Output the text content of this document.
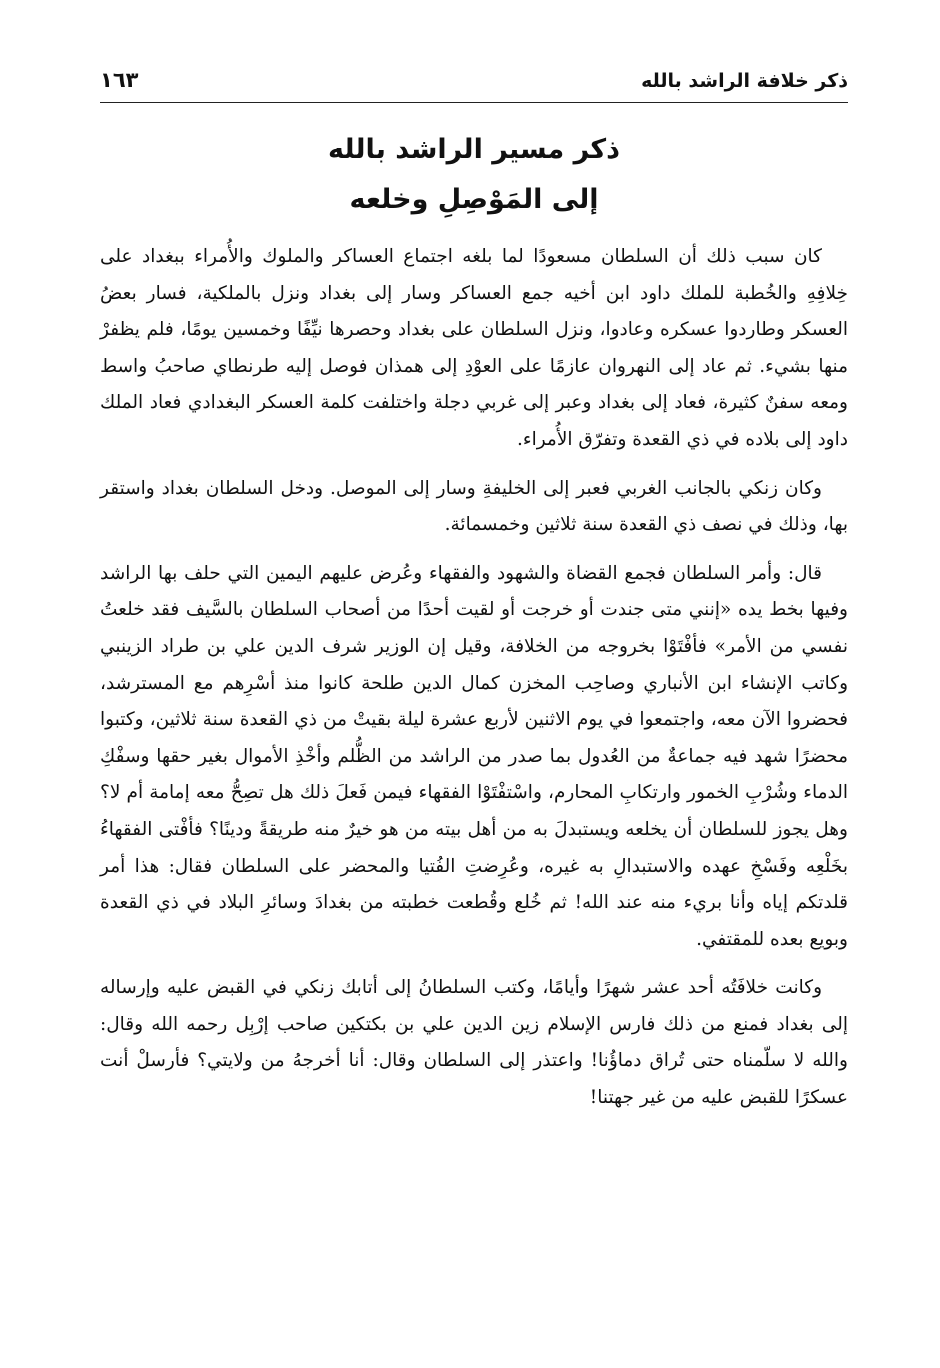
ذكر خلافة الراشد بالله
١٦٣
ذكر مسير الراشد بالله
إلى المَوْصِلِ وخلعه

كان سبب ذلك أن السلطان مسعودًا لما بلغه اجتماع العساكر والملوك والأُمراء ببغداد على خِلافِهِ والخُطبة للملك داود ابن أخيه جمع العساكر وسار إلى بغداد ونزل بالملكية، فسار بعضُ العسكر وطاردوا عسكره وعادوا، ونزل السلطان على بغداد وحصرها نيِّفًا وخمسين يومًا، فلم يظفرْ منها بشيء. ثم عاد إلى النهروان عازمًا على العوْدِ إلى همذان فوصل إليه طرنطاي صاحبُ واسط ومعه سفنٌ كثيرة، فعاد إلى بغداد وعبر إلى غربي دجلة واختلفت كلمة العسكر البغدادي فعاد الملك داود إلى بلاده في ذي القعدة وتفرّق الأُمراء.

وكان زنكي بالجانب الغربي فعبر إلى الخليفةِ وسار إلى الموصل. ودخل السلطان بغداد واستقر بها، وذلك في نصف ذي القعدة سنة ثلاثين وخمسمائة.

قال: وأمر السلطان فجمع القضاة والشهود والفقهاء وعُرض عليهم اليمين التي حلف بها الراشد وفيها بخط يده «إنني متى جندت أو خرجت أو لقيت أحدًا من أصحاب السلطان بالسَّيف فقد خلعتُ نفسي من الأمر» فأفْتَوْا بخروجه من الخلافة، وقيل إن الوزير شرف الدين علي بن طراد الزينبي وكاتب الإنشاء ابن الأنباري وصاحِب المخزن كمال الدين طلحة كانوا منذ أسْرِهم مع المسترشد، فحضروا الآن معه، واجتمعوا في يوم الاثنين لأربع عشرة ليلة بقيتْ من ذي القعدة سنة ثلاثين، وكتبوا محضرًا شهد فيه جماعةٌ من العُدول بما صدر من الراشد من الظُّلم وأخْذِ الأموال بغير حقها وسفْكِ الدماء وشُرْبِ الخمور وارتكابِ المحارم، واسْتفْتَوْا الفقهاء فيمن فَعلَ ذلك هل تصِحُّ معه إمامة أم لا؟ وهل يجوز للسلطان أن يخلعه ويستبدلَ به من أهل بيته من هو خيرٌ منه طريقةً ودينًا؟ فأفْتى الفقهاءُ بخَلْعِه وفَسْخِ عهده والاستبدالِ به غيره، وعُرِضتِ الفُتيا والمحضر على السلطان فقال: هذا أمر قلدتكم إياه وأنا بريء منه عند الله! ثم خُلع وقُطعت خطبته من بغدادَ وسائرِ البلاد في ذي القعدة وبويع بعده للمقتفي.

وكانت خلافَتُه أحد عشر شهرًا وأيامًا، وكتب السلطانُ إلى أتابك زنكي في القبض عليه وإرساله إلى بغداد فمنع من ذلك فارس الإسلام زين الدين علي بن بكتكين صاحب إرْبِل رحمه الله وقال: والله لا سلّمناه حتى تُراق دماؤُنا! واعتذر إلى السلطان وقال: أنا أخرجهُ من ولايتي؟ فأرسلْ أنت عسكرًا للقبض عليه من غير جهتنا!
